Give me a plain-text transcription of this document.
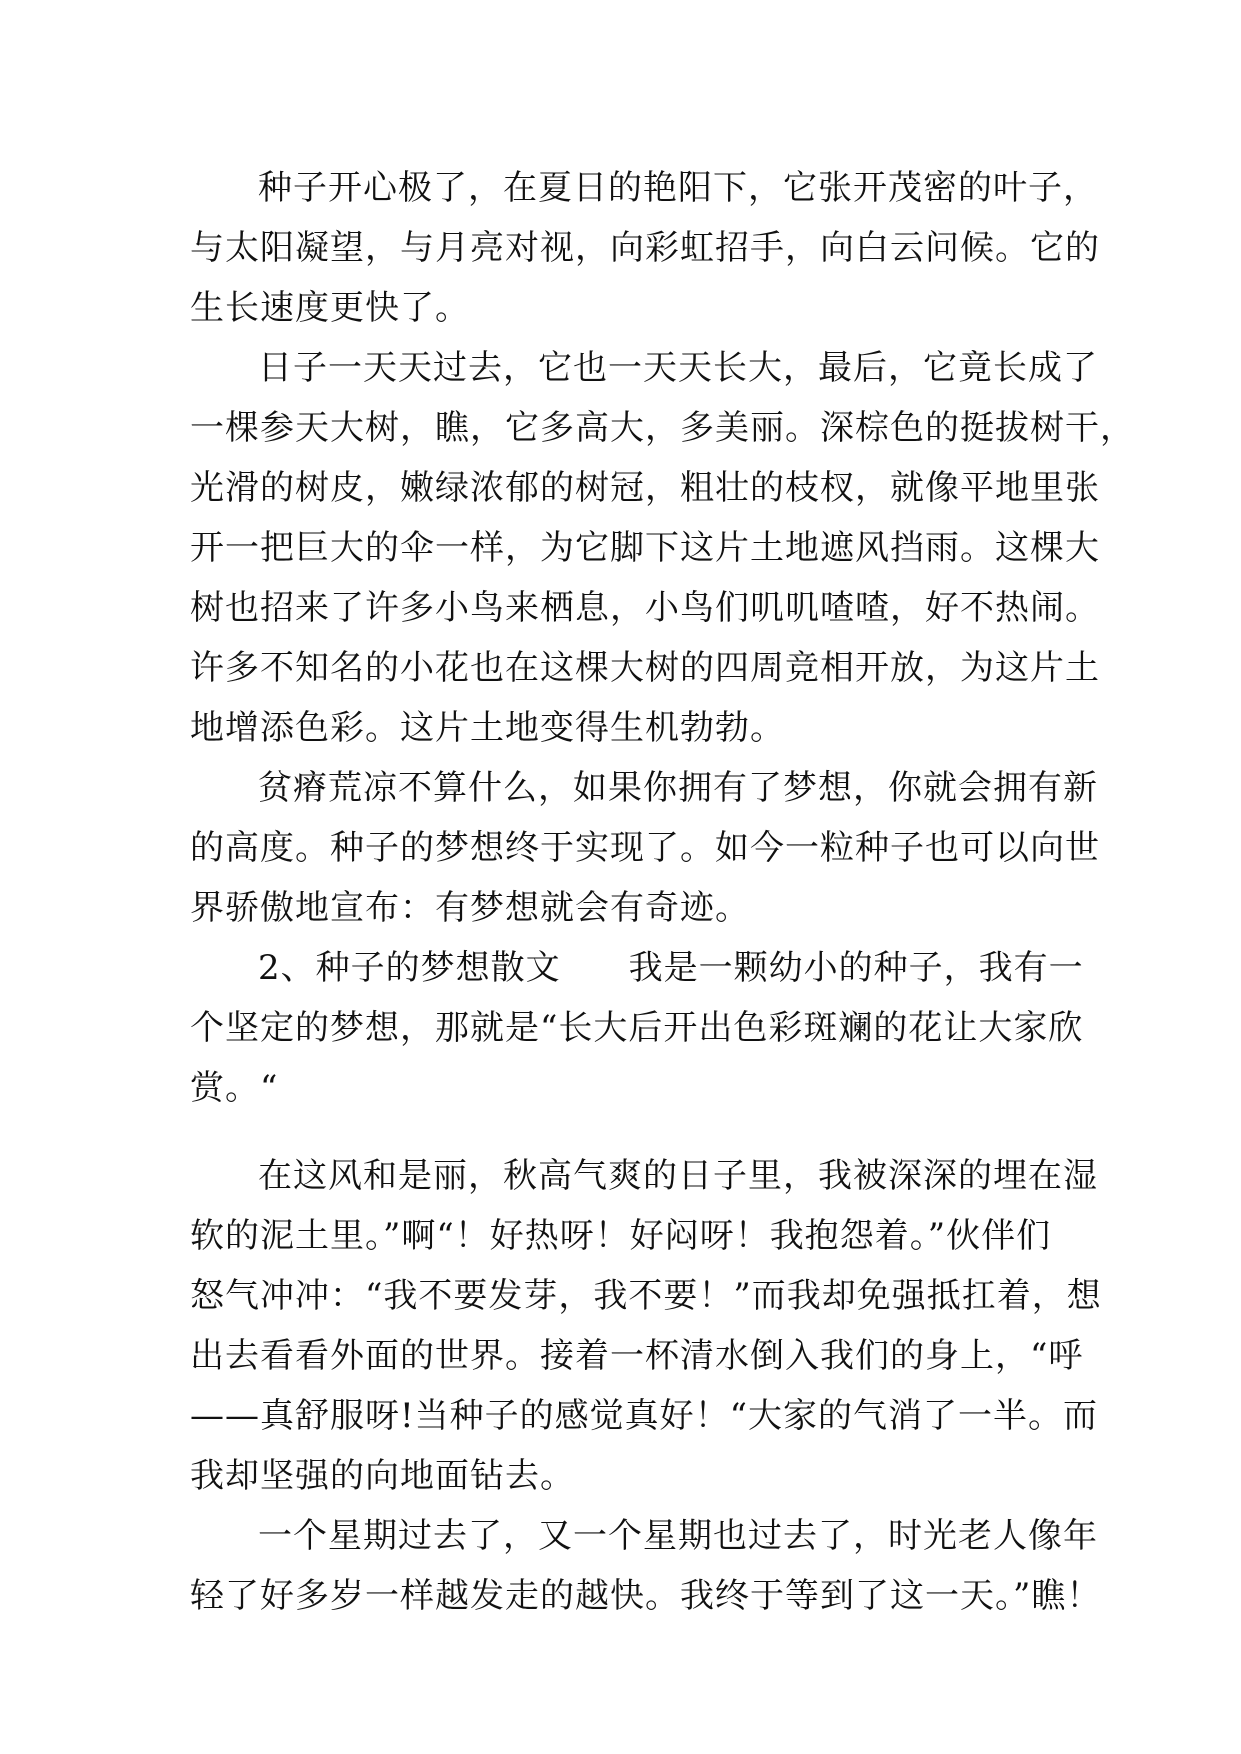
种子开心极了，在夏日的艳阳下，它张开茂密的叶子，
与太阳凝望，与月亮对视，向彩虹招手，向白云问候。它的
生长速度更快了。
日子一天天过去，它也一天天长大，最后，它竟长成了
一棵参天大树，瞧，它多高大，多美丽。深棕色的挺拔树干，
光滑的树皮，嫩绿浓郁的树冠，粗壮的枝杈，就像平地里张
开一把巨大的伞一样，为它脚下这片土地遮风挡雨。这棵大
树也招来了许多小鸟来栖息，小鸟们叽叽喳喳，好不热闹。
许多不知名的小花也在这棵大树的四周竞相开放，为这片土
地增添色彩。这片土地变得生机勃勃。
贫瘠荒凉不算什么，如果你拥有了梦想，你就会拥有新
的高度。种子的梦想终于实现了。如今一粒种子也可以向世
界骄傲地宣布：有梦想就会有奇迹。
2、种子的梦想散文 我是一颗幼小的种子，我有一
个坚定的梦想，那就是“长大后开出色彩斑斓的花让大家欣
赏。“
在这风和是丽，秋高气爽的日子里，我被深深的埋在湿
软的泥土里。”啊“！好热呀！好闷呀！我抱怨着。”伙伴们
怒气冲冲：“我不要发芽，我不要！”而我却免强抵扛着，想
出去看看外面的世界。接着一杯清水倒入我们的身上，“呼
——真舒服呀!当种子的感觉真好！“大家的气消了一半。而
我却坚强的向地面钻去。
一个星期过去了，又一个星期也过去了，时光老人像年
轻了好多岁一样越发走的越快。我终于等到了这一天。”瞧！
